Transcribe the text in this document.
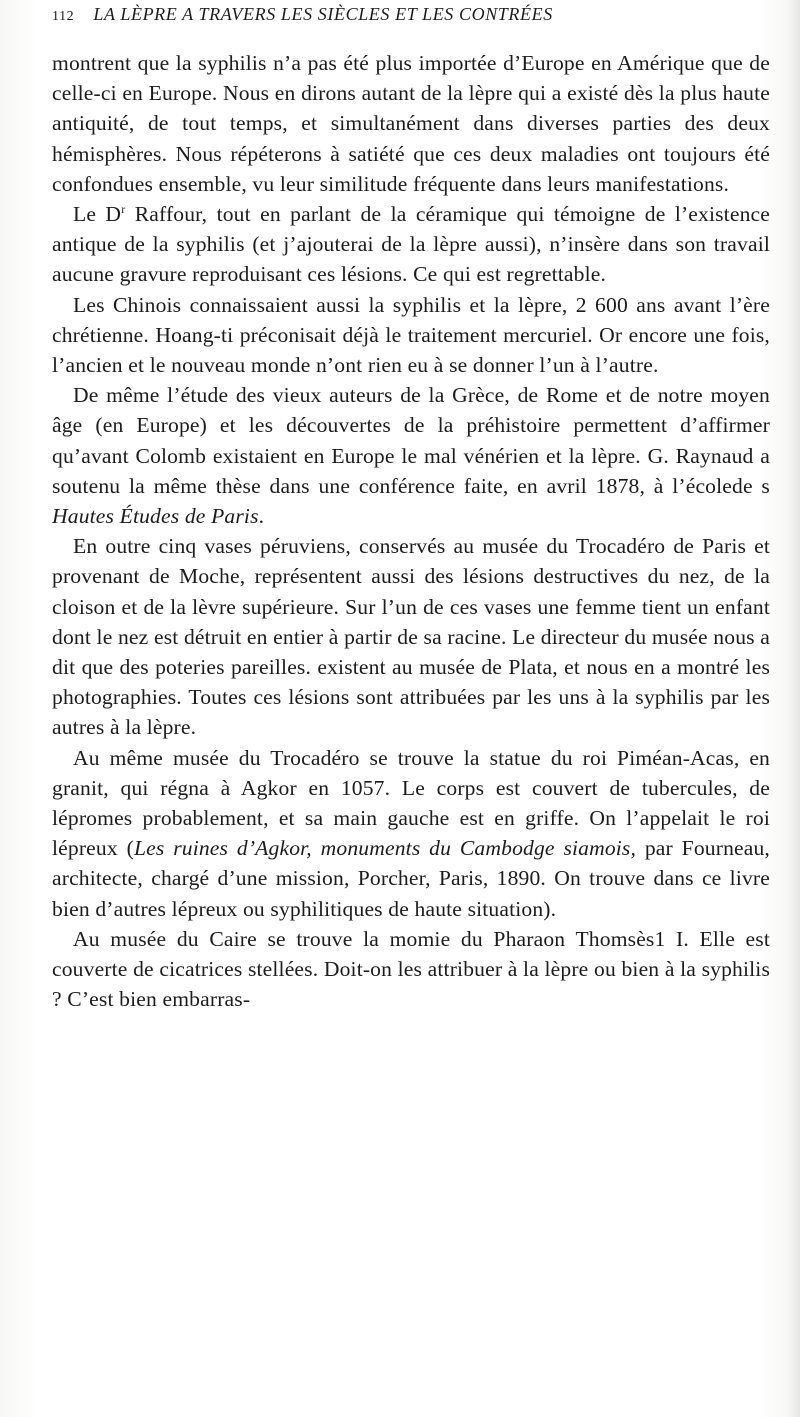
112 LA LÈPRE A TRAVERS LES SIÈCLES ET LES CONTRÉES

montrent que la syphilis n’a pas été plus importée d’Europe en Amérique que de celle-ci en Europe. Nous en dirons autant de la lèpre qui a existé dès la plus haute antiquité, de tout temps, et simultanément dans diverses parties des deux hémisphères. Nous répéterons à satiété que ces deux maladies ont toujours été confondues ensemble, vu leur similitude fréquente dans leurs manifestations.

Le $D^r$ Raffour, tout en parlant de la céramique qui témoigne de l’existence antique de la syphilis (et j’ajouterai de la lèpre aussi), n’insère dans son travail aucune gravure reproduisant ces lésions. Ce qui est regrettable.

Les Chinois connaissaient aussi la syphilis et la lèpre, 2 600 ans avant l’ère chrétienne. Hoang-ti préconisait déjà le traitement mercuriel. Or encore une fois, l’ancien et le nouveau monde n’ont rien eu à se donner l’un à l’autre.

De même l’étude des vieux auteurs de la Grèce, de Rome et de notre moyen âge (en Europe) et les découvertes de la préhistoire permettent d’affirmer qu’avant Colomb existaient en Europe le mal vénérien et la lèpre. G. Raynaud a soutenu la même thèse dans une conférence faite, en avril 1878, à l’écolede s Hautes Études de Paris.

En outre cinq vases péruviens, conservés au musée du Trocadéro de Paris et provenant de Moche, représentent aussi des lésions destructives du nez, de la cloison et de la lèvre supérieure. Sur l’un de ces vases une femme tient un enfant dont le nez est détruit en entier à partir de sa racine. Le directeur du musée nous a dit que des poteries pareilles. existent au musée de Plata, et nous en a montré les photographies. Toutes ces lésions sont attribuées par les uns à la syphilis par les autres à la lèpre.

Au même musée du Trocadéro se trouve la statue du roi Piméan-Acas, en granit, qui régna à Agkor en 1057. Le corps est couvert de tubercules, de lépromes probablement, et sa main gauche est en griffe. On l’appelait le roi lépreux (Les ruines d’Agkor, monuments du Cambodge siamois, par Fourneau, architecte, chargé d’une mission, Porcher, Paris, 1890. On trouve dans ce livre bien d’autres lépreux ou syphilitiques de haute situation).

Au musée du Caire se trouve la momie du Pharaon Thomsès1 I. Elle est couverte de cicatrices stellées. Doit-on les attribuer à la lèpre ou bien à la syphilis ? C’est bien embarras-
